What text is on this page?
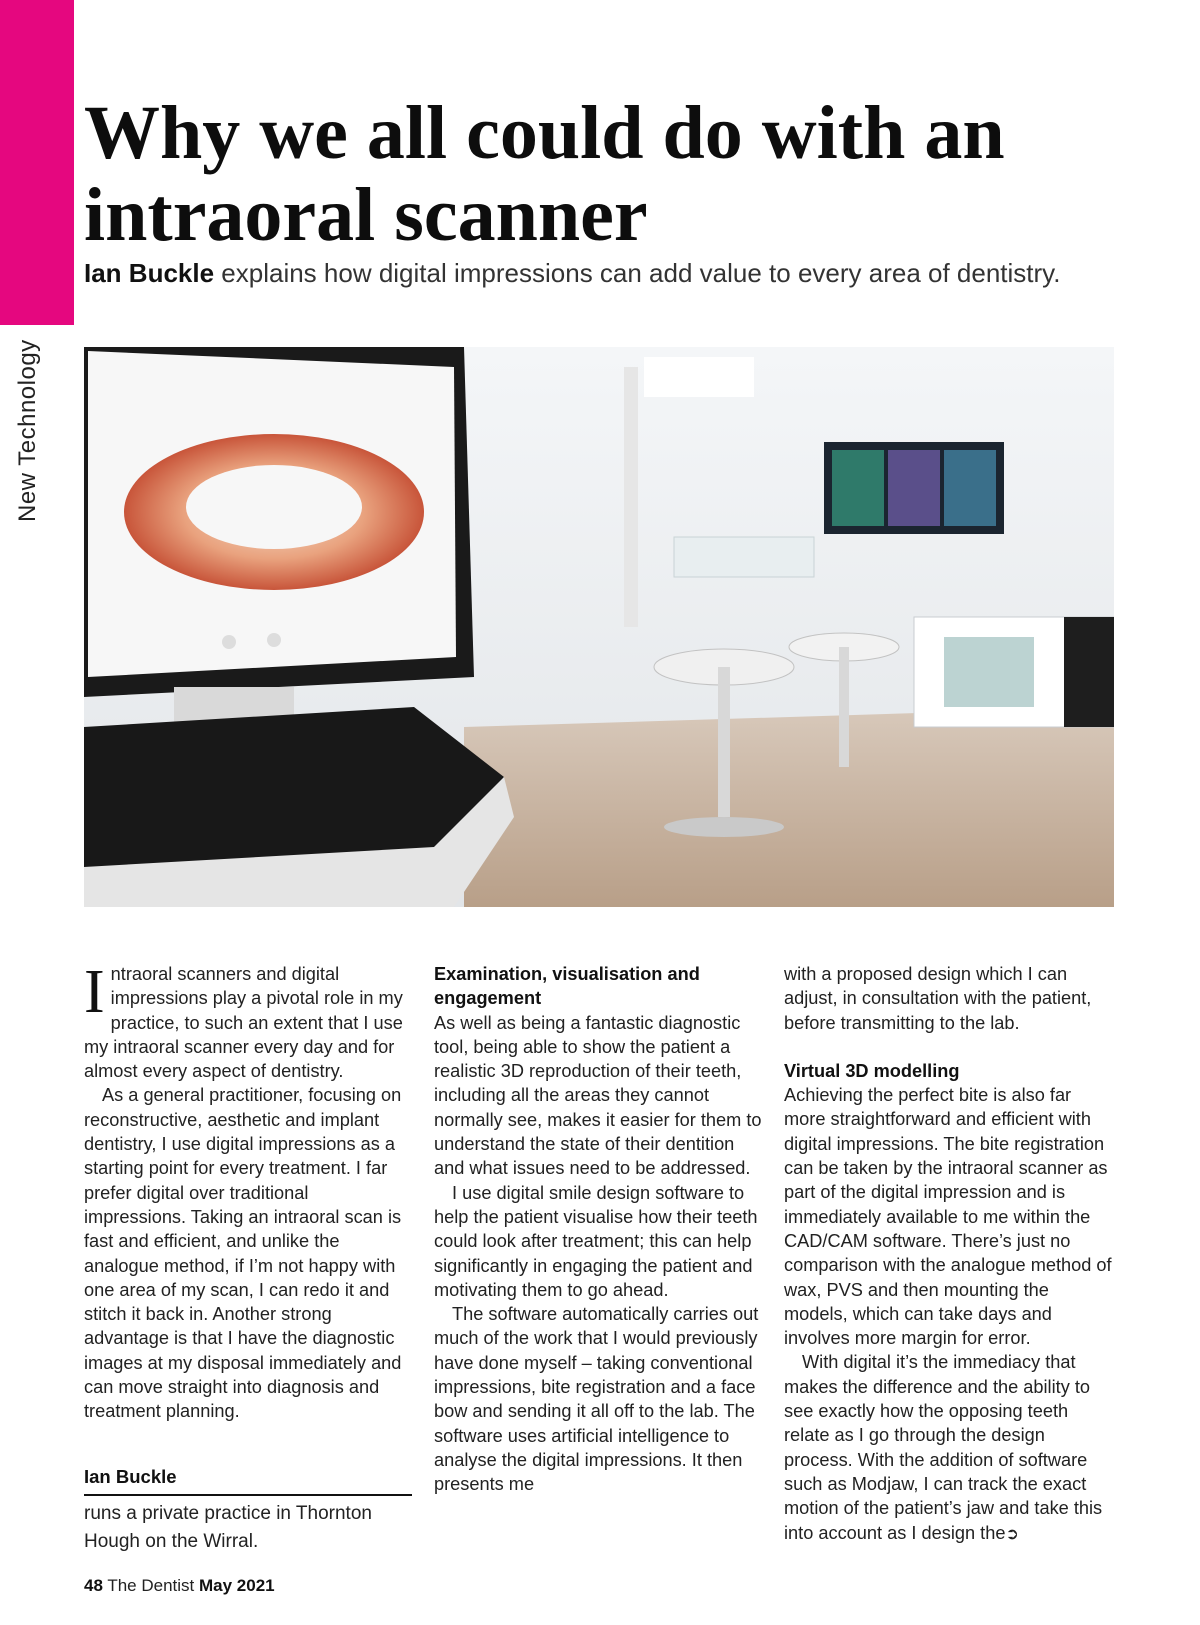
New Technology
Why we all could do with an intraoral scanner
Ian Buckle explains how digital impressions can add value to every area of dentistry.

Intraoral scanners and digital impressions play a pivotal role in my practice, to such an extent that I use my intraoral scanner every day and for almost every aspect of dentistry.

As a general practitioner, focusing on reconstructive, aesthetic and implant dentistry, I use digital impressions as a starting point for every treatment. I far prefer digital over traditional impressions. Taking an intraoral scan is fast and efficient, and unlike the analogue method, if I’m not happy with one area of my scan, I can redo it and stitch it back in. Another strong advantage is that I have the diagnostic images at my disposal immediately and can move straight into diagnosis and treatment planning.

Ian Buckle
runs a private practice in Thornton Hough on the Wirral.

Examination, visualisation and engagement

As well as being a fantastic diagnostic tool, being able to show the patient a realistic 3D reproduction of their teeth, including all the areas they cannot normally see, makes it easier for them to understand the state of their dentition and what issues need to be addressed.

I use digital smile design software to help the patient visualise how their teeth could look after treatment; this can help significantly in engaging the patient and motivating them to go ahead.

The software automatically carries out much of the work that I would previously have done myself – taking conventional impressions, bite registration and a face bow and sending it all off to the lab. The software uses artificial intelligence to analyse the digital impressions. It then presents me

with a proposed design which I can adjust, in consultation with the patient, before transmitting to the lab.

Virtual 3D modelling

Achieving the perfect bite is also far more straightforward and efficient with digital impressions. The bite registration can be taken by the intraoral scanner as part of the digital impression and is immediately available to me within the CAD/CAM software. There’s just no comparison with the analogue method of wax, PVS and then mounting the models, which can take days and involves more margin for error.

With digital it’s the immediacy that makes the difference and the ability to see exactly how the opposing teeth relate as I go through the design process. With the addition of software such as Modjaw, I can track the exact motion of the patient’s jaw and take this into account as I design the➲

48 The Dentist May 2021
